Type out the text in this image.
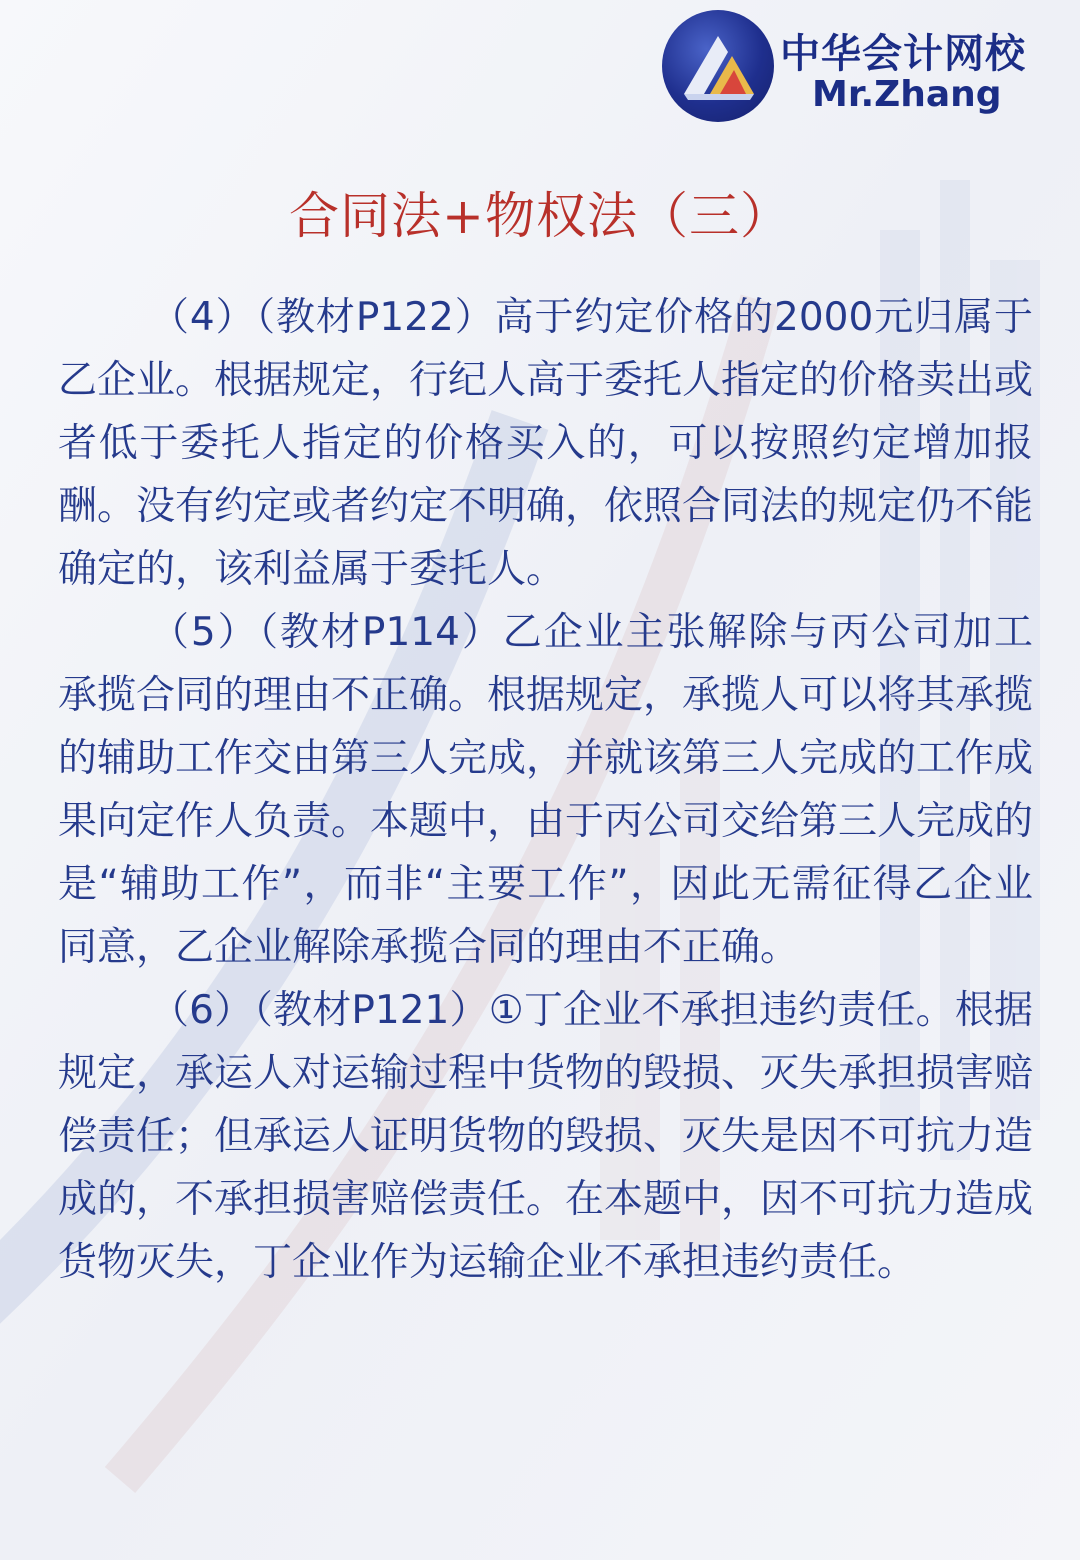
中华会计网校
Mr.Zhang
合同法+物权法（三）

（4）（教材P122）高于约定价格的2000元归属于乙企业。根据规定，行纪人高于委托人指定的价格卖出或者低于委托人指定的价格买入的，可以按照约定增加报酬。没有约定或者约定不明确，依照合同法的规定仍不能确定的，该利益属于委托人。

（5）（教材P114）乙企业主张解除与丙公司加工承揽合同的理由不正确。根据规定，承揽人可以将其承揽的辅助工作交由第三人完成，并就该第三人完成的工作成果向定作人负责。本题中，由于丙公司交给第三人完成的是“辅助工作”，而非“主要工作”，因此无需征得乙企业同意，乙企业解除承揽合同的理由不正确。

（6）（教材P121）①丁企业不承担违约责任。根据规定，承运人对运输过程中货物的毁损、灭失承担损害赔偿责任；但承运人证明货物的毁损、灭失是因不可抗力造成的，不承担损害赔偿责任。在本题中，因不可抗力造成货物灭失，丁企业作为运输企业不承担违约责任。
